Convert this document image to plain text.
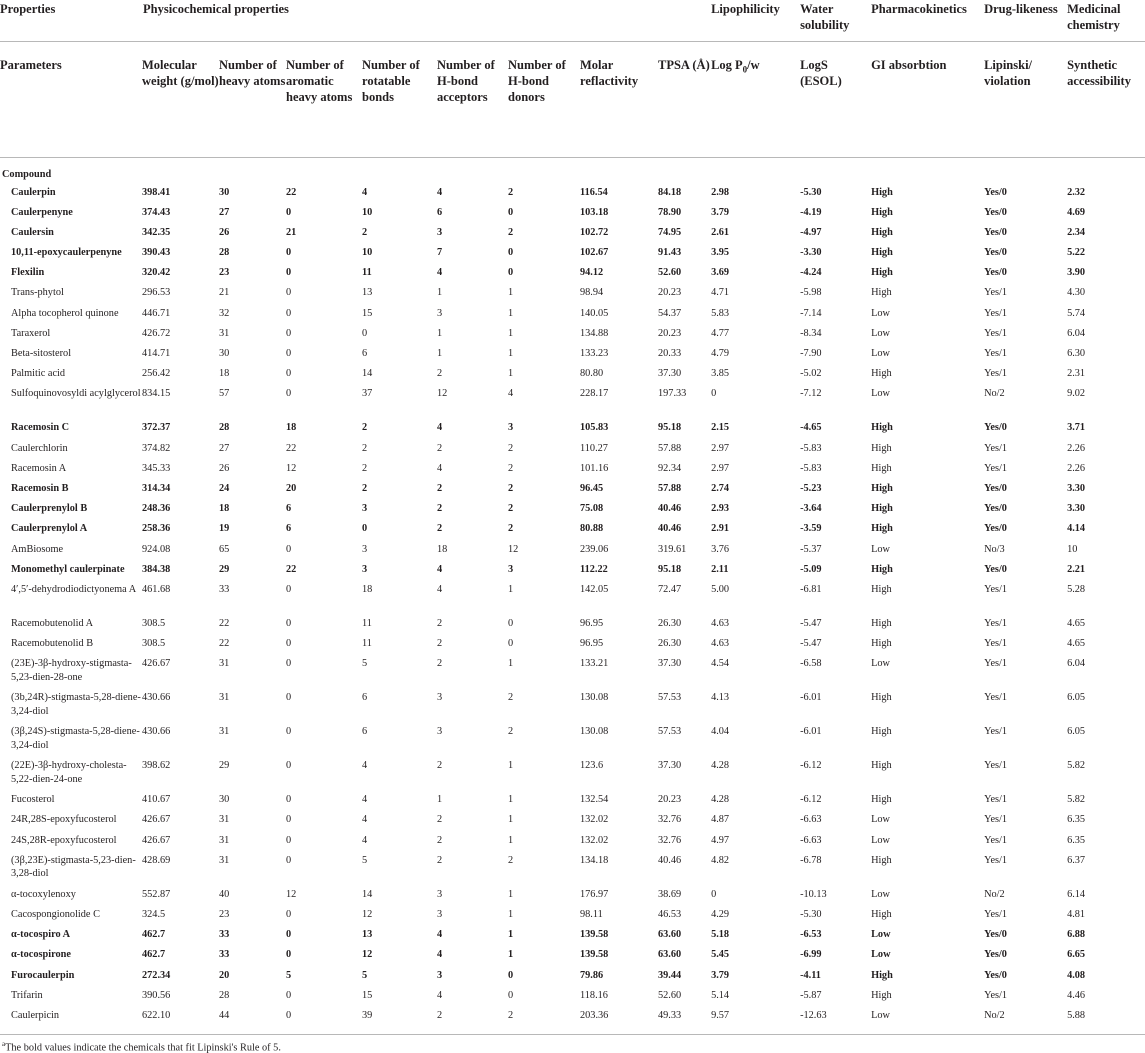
Properties	Physicochemical properties								Lipophilicity	Water solubility	Pharmacokinetics	Drug-likeness	Medicinal chemistry
Parameters	Molecular weight (g/mol)	Number of heavy atoms	Number of aromatic heavy atoms	Number of rotatable bonds	Number of H-bond acceptors	Number of H-bond donors	Molar reflactivity	TPSA (Å)	Log $P_0/w$	LogS (ESOL)	GI absorbtion	Lipinski/ violation	Synthetic accessibility

Compound													
Caulerpin	398.41	30	22	4	4	2	116.54	84.18	2.98	-5.30	High	Yes/0	2.32
Caulerpenyne	374.43	27	0	10	6	0	103.18	78.90	3.79	-4.19	High	Yes/0	4.69
Caulersin	342.35	26	21	2	3	2	102.72	74.95	2.61	-4.97	High	Yes/0	2.34
10,11-epoxycaulerpenyne	390.43	28	0	10	7	0	102.67	91.43	3.95	-3.30	High	Yes/0	5.22
Flexilin	320.42	23	0	11	4	0	94.12	52.60	3.69	-4.24	High	Yes/0	3.90
Trans-phytol	296.53	21	0	13	1	1	98.94	20.23	4.71	-5.98	High	Yes/1	4.30
Alpha tocopherol quinone	446.71	32	0	15	3	1	140.05	54.37	5.83	-7.14	Low	Yes/1	5.74
Taraxerol	426.72	31	0	0	1	1	134.88	20.23	4.77	-8.34	Low	Yes/1	6.04
Beta-sitosterol	414.71	30	0	6	1	1	133.23	20.33	4.79	-7.90	Low	Yes/1	6.30
Palmitic acid	256.42	18	0	14	2	1	80.80	37.30	3.85	-5.02	High	Yes/1	2.31
Sulfoquinovosyldi acylglycerol	834.15	57	0	37	12	4	228.17	197.33	0	-7.12	Low	No/2	9.02
Racemosin C	372.37	28	18	2	4	3	105.83	95.18	2.15	-4.65	High	Yes/0	3.71
Caulerchlorin	374.82	27	22	2	2	2	110.27	57.88	2.97	-5.83	High	Yes/1	2.26
Racemosin A	345.33	26	12	2	4	2	101.16	92.34	2.97	-5.83	High	Yes/1	2.26
Racemosin B	314.34	24	20	2	2	2	96.45	57.88	2.74	-5.23	High	Yes/0	3.30
Caulerprenylol B	248.36	18	6	3	2	2	75.08	40.46	2.93	-3.64	High	Yes/0	3.30
Caulerprenylol A	258.36	19	6	0	2	2	80.88	40.46	2.91	-3.59	High	Yes/0	4.14
AmBiosome	924.08	65	0	3	18	12	239.06	319.61	3.76	-5.37	Low	No/3	10
Monomethyl caulerpinate	384.38	29	22	3	4	3	112.22	95.18	2.11	-5.09	High	Yes/0	2.21
4′,5′-dehydrodiodictyonema A	461.68	33	0	18	4	1	142.05	72.47	5.00	-6.81	High	Yes/1	5.28
Racemobutenolid A	308.5	22	0	11	2	0	96.95	26.30	4.63	-5.47	High	Yes/1	4.65
Racemobutenolid B	308.5	22	0	11	2	0	96.95	26.30	4.63	-5.47	High	Yes/1	4.65
(23E)-3β-hydroxy-stigmasta-5,23-dien-28-one	426.67	31	0	5	2	1	133.21	37.30	4.54	-6.58	Low	Yes/1	6.04
(3b,24R)-stigmasta-5,28-diene-3,24-diol	430.66	31	0	6	3	2	130.08	57.53	4.13	-6.01	High	Yes/1	6.05
(3β,24S)-stigmasta-5,28-diene-3,24-diol	430.66	31	0	6	3	2	130.08	57.53	4.04	-6.01	High	Yes/1	6.05
(22E)-3β-hydroxy-cholesta-5,22-dien-24-one	398.62	29	0	4	2	1	123.6	37.30	4.28	-6.12	High	Yes/1	5.82
Fucosterol	410.67	30	0	4	1	1	132.54	20.23	4.28	-6.12	High	Yes/1	5.82
24R,28S-epoxyfucosterol	426.67	31	0	4	2	1	132.02	32.76	4.87	-6.63	Low	Yes/1	6.35
24S,28R-epoxyfucosterol	426.67	31	0	4	2	1	132.02	32.76	4.97	-6.63	Low	Yes/1	6.35
(3β,23E)-stigmasta-5,23-dien-3,28-diol	428.69	31	0	5	2	2	134.18	40.46	4.82	-6.78	High	Yes/1	6.37
α-tocoxylenoxy	552.87	40	12	14	3	1	176.97	38.69	0	-10.13	Low	No/2	6.14
Cacospongionolide C	324.5	23	0	12	3	1	98.11	46.53	4.29	-5.30	High	Yes/1	4.81
α-tocospiro A	462.7	33	0	13	4	1	139.58	63.60	5.18	-6.53	Low	Yes/0	6.88
α-tocospirone	462.7	33	0	12	4	1	139.58	63.60	5.45	-6.99	Low	Yes/0	6.65
Furocaulerpin	272.34	20	5	5	3	0	79.86	39.44	3.79	-4.11	High	Yes/0	4.08
Trifarin	390.56	28	0	15	4	0	118.16	52.60	5.14	-5.87	High	Yes/1	4.46
Caulerpicin	622.10	44	0	39	2	2	203.36	49.33	9.57	-12.63	Low	No/2	5.88

$^a$The bold values indicate the chemicals that fit Lipinski's Rule of 5.
